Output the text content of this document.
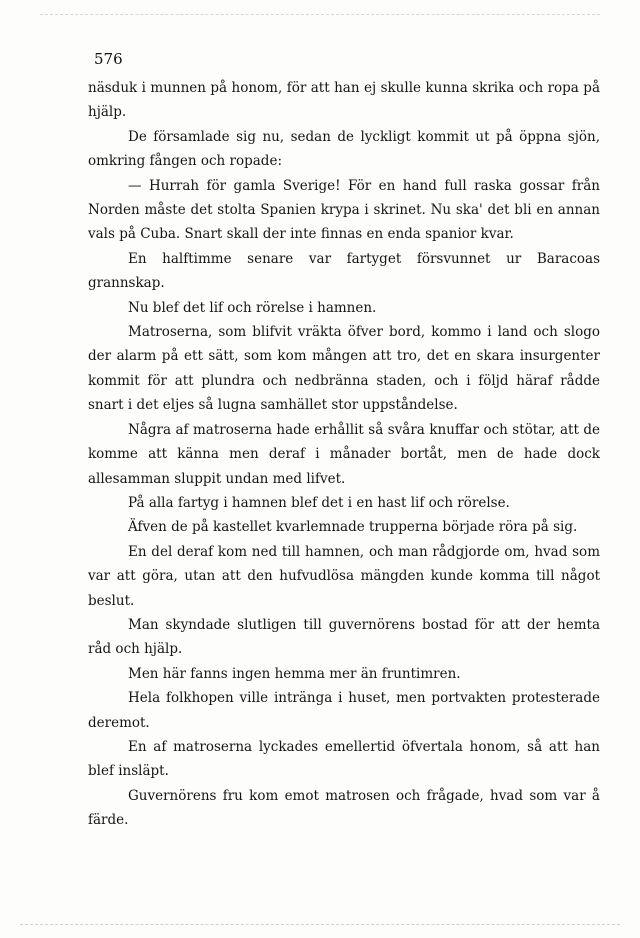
576

näsduk i munnen på honom, för att han ej skulle kunna skrika och ropa på hjälp.

De församlade sig nu, sedan de lyckligt kommit ut på öppna sjön, omkring fången och ropade:

— Hurrah för gamla Sverige! För en hand full raska gossar från Norden måste det stolta Spanien krypa i skrinet. Nu ska' det bli en annan vals på Cuba. Snart skall der inte finnas en enda spanior kvar.

En halftimme senare var fartyget försvunnet ur Baracoas grannskap.

Nu blef det lif och rörelse i hamnen.

Matroserna, som blifvit vräkta öfver bord, kommo i land och slogo der alarm på ett sätt, som kom mången att tro, det en skara insurgenter kommit för att plundra och nedbränna staden, och i följd häraf rådde snart i det eljes så lugna samhället stor uppståndelse.

Några af matroserna hade erhållit så svåra knuffar och stötar, att de komme att känna men deraf i månader bortåt, men de hade dock allesamman sluppit undan med lifvet.

På alla fartyg i hamnen blef det i en hast lif och rörelse.

Äfven de på kastellet kvarlemnade trupperna började röra på sig.

En del deraf kom ned till hamnen, och man rådgjorde om, hvad som var att göra, utan att den hufvudlösa mängden kunde komma till något beslut.

Man skyndade slutligen till guvernörens bostad för att der hemta råd och hjälp.

Men här fanns ingen hemma mer än fruntimren.

Hela folkhopen ville intränga i huset, men portvakten protesterade deremot.

En af matroserna lyckades emellertid öfvertala honom, så att han blef insläpt.

Guvernörens fru kom emot matrosen och frågade, hvad som var å färde.
